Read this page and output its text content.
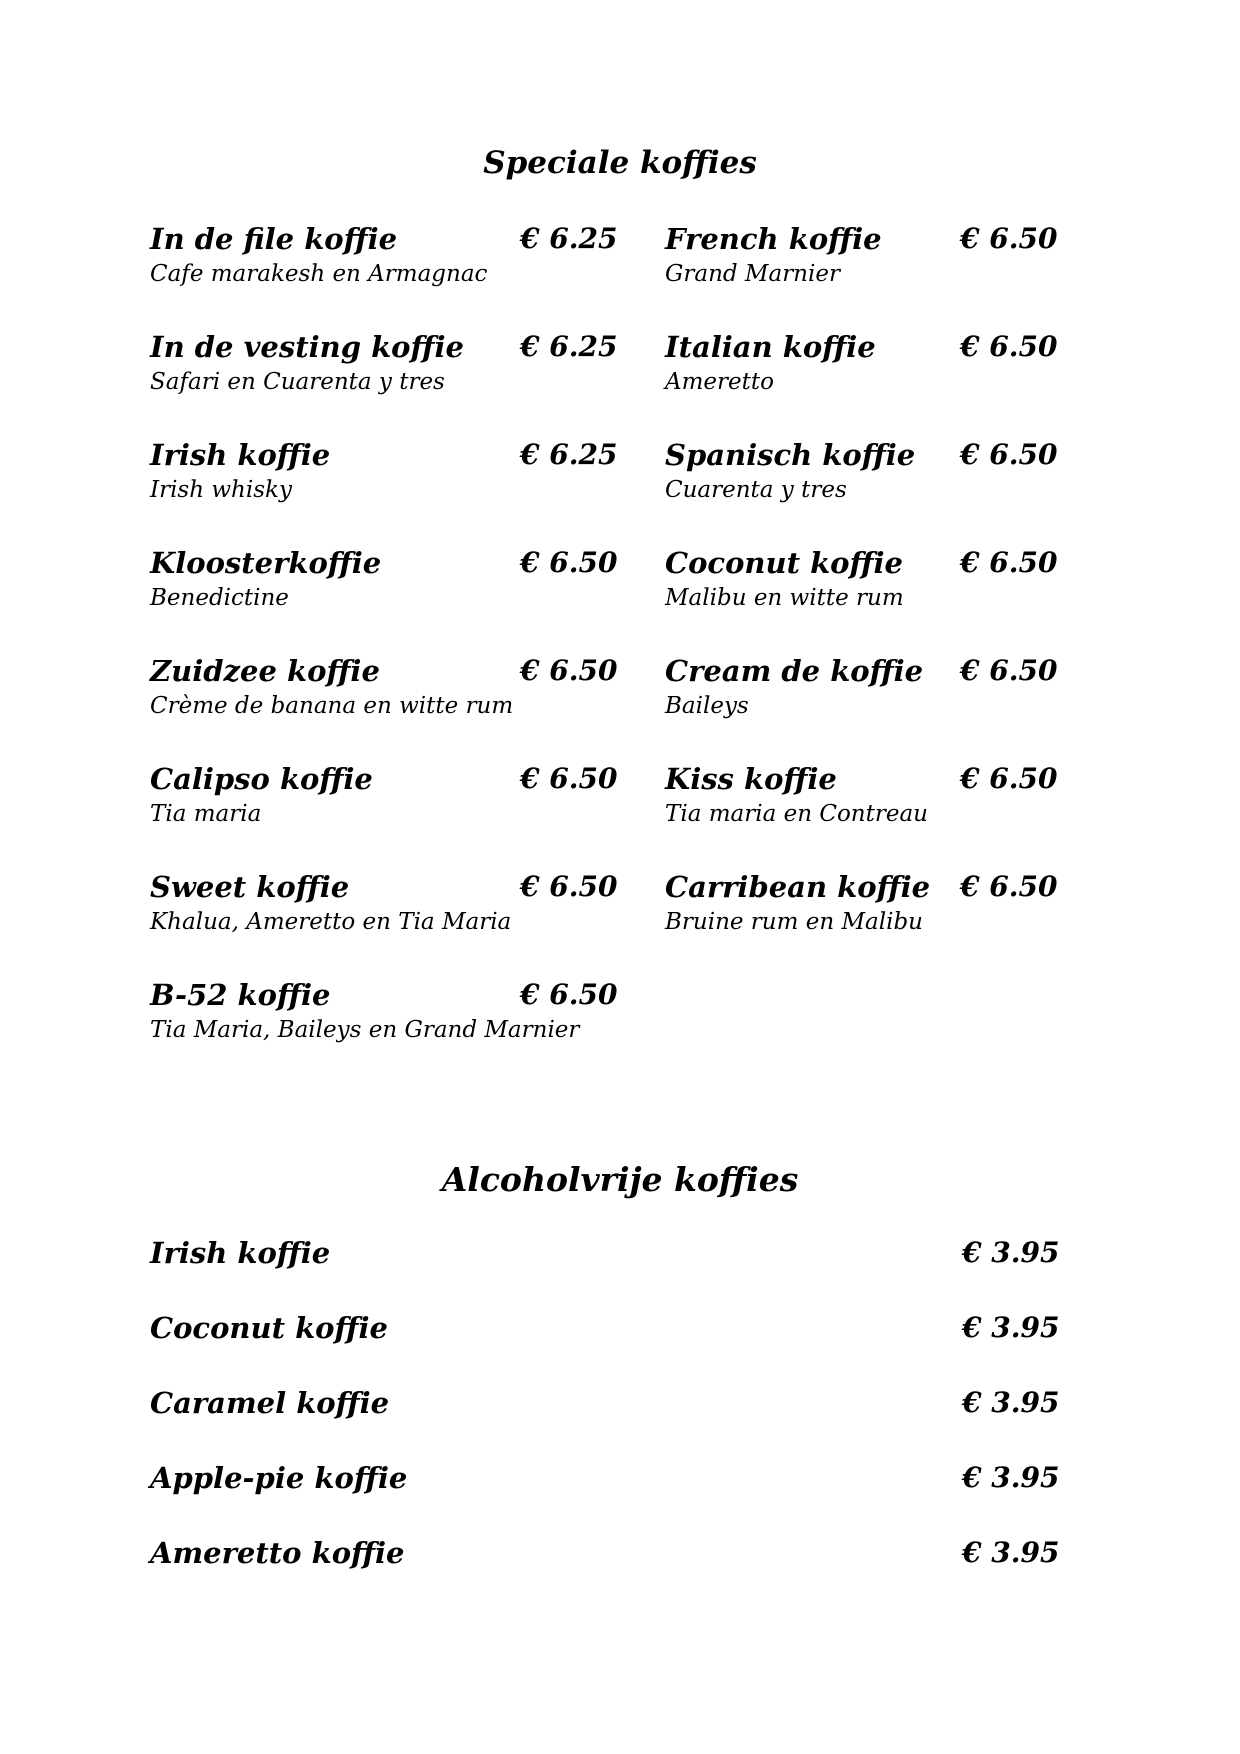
Speciale koffies
In de file koffie	€ 6.25
Cafe marakesh en Armagnac
In de vesting koffie € 6.25
Safari en Cuarenta y tres
Irish koffie	€ 6.25
Irish whisky
Kloosterkoffie	€ 6.50
Benedictine
Zuidzee koffie	€ 6.50
Crème de banana en witte rum
Calipso koffie	€ 6.50
Tia maria
Sweet koffie	€ 6.50
Khalua, Ameretto en Tia Maria
B-52 koffie	€ 6.50
Tia Maria, Baileys en Grand Marnier
French koffie	€ 6.50
Grand Marnier
Italian koffie	€ 6.50
Ameretto
Spanisch koffie € 6.50
Cuarenta y tres
Coconut koffie € 6.50
Malibu en witte rum
Cream de koffie € 6.50
Baileys
Kiss koffie	€ 6.50
Tia maria en Contreau
Carribean koffie € 6.50
Bruine rum en Malibu
Alcoholvrije koffies
Irish koffie	€ 3.95
Coconut koffie	€ 3.95
Caramel koffie	€ 3.95
Apple-pie koffie	€ 3.95
Ameretto koffie	€ 3.95
